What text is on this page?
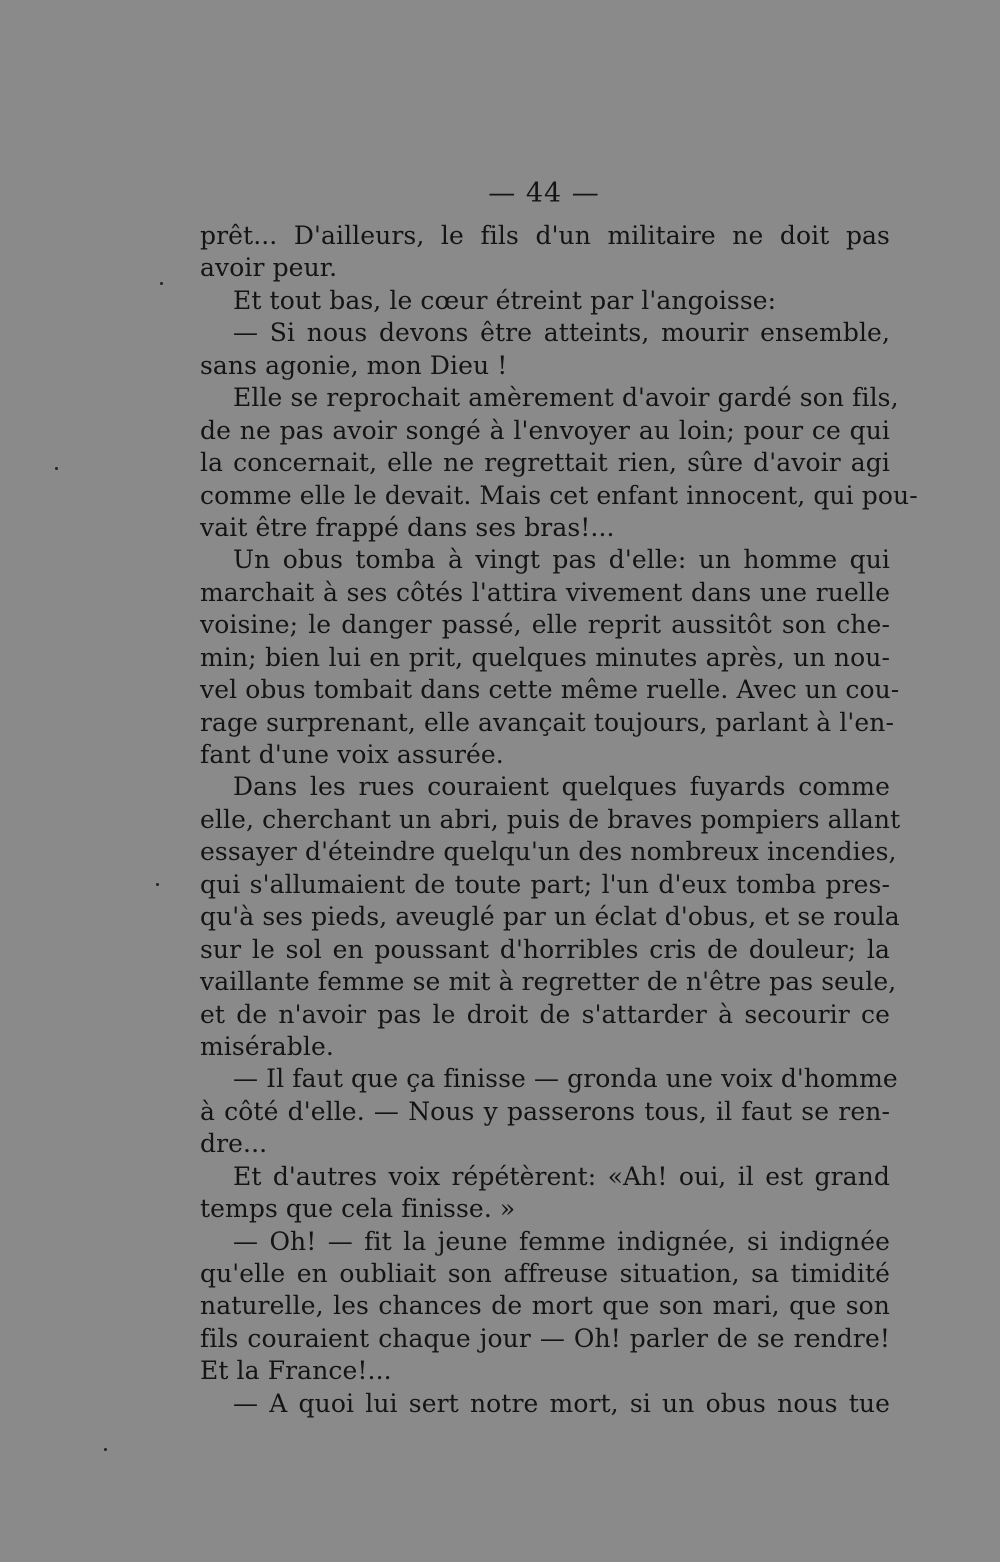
— 44 —
prêt... D'ailleurs, le fils d'un militaire ne doit pas
avoir peur.
Et tout bas, le cœur étreint par l'angoisse:
— Si nous devons être atteints, mourir ensemble,
sans agonie, mon Dieu !
Elle se reprochait amèrement d'avoir gardé son fils,
de ne pas avoir songé à l'envoyer au loin; pour ce qui
la concernait, elle ne regrettait rien, sûre d'avoir agi
comme elle le devait. Mais cet enfant innocent, qui pou-
vait être frappé dans ses bras!...
Un obus tomba à vingt pas d'elle: un homme qui
marchait à ses côtés l'attira vivement dans une ruelle
voisine; le danger passé, elle reprit aussitôt son che-
min; bien lui en prit, quelques minutes après, un nou-
vel obus tombait dans cette même ruelle. Avec un cou-
rage surprenant, elle avançait toujours, parlant à l'en-
fant d'une voix assurée.
Dans les rues couraient quelques fuyards comme
elle, cherchant un abri, puis de braves pompiers allant
essayer d'éteindre quelqu'un des nombreux incendies,
qui s'allumaient de toute part; l'un d'eux tomba pres-
qu'à ses pieds, aveuglé par un éclat d'obus, et se roula
sur le sol en poussant d'horribles cris de douleur; la
vaillante femme se mit à regretter de n'être pas seule,
et de n'avoir pas le droit de s'attarder à secourir ce
misérable.
— Il faut que ça finisse — gronda une voix d'homme
à côté d'elle. — Nous y passerons tous, il faut se ren-
dre...
Et d'autres voix répétèrent: «Ah! oui, il est grand
temps que cela finisse. »
— Oh! — fit la jeune femme indignée, si indignée
qu'elle en oubliait son affreuse situation, sa timidité
naturelle, les chances de mort que son mari, que son
fils couraient chaque jour — Oh! parler de se rendre!
Et la France!...
— A quoi lui sert notre mort, si un obus nous tue
